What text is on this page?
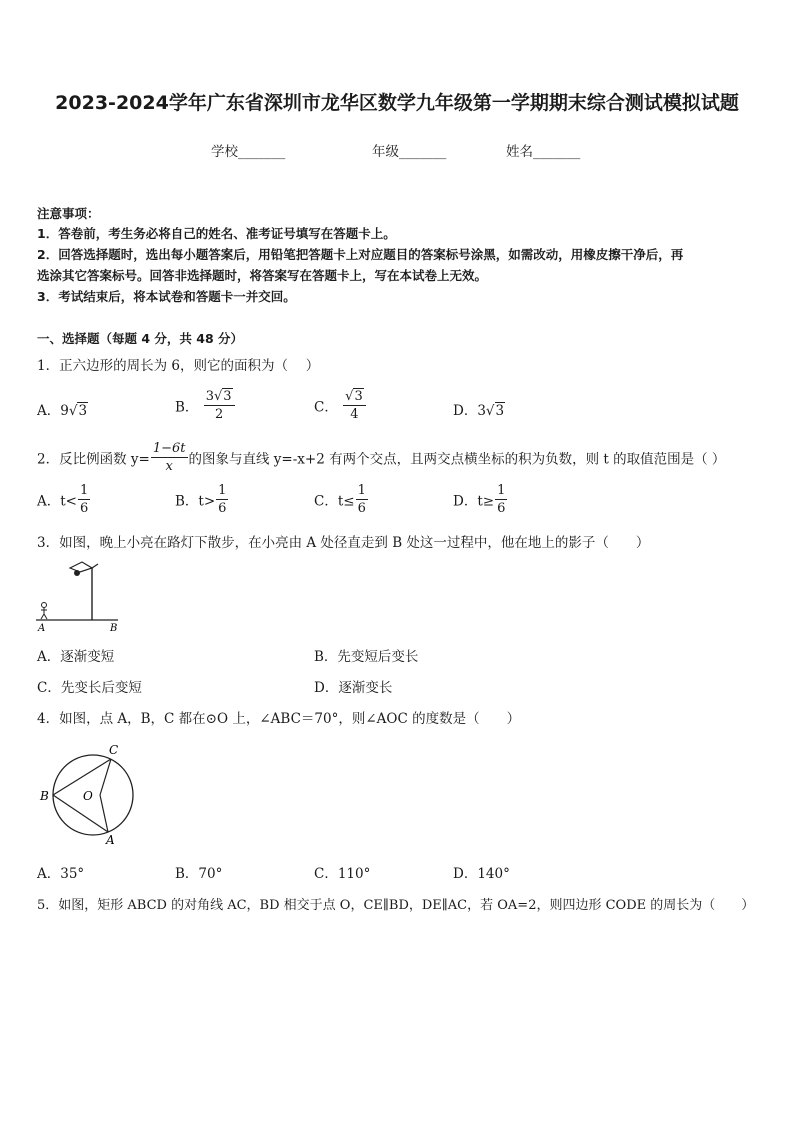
2023-2024学年广东省深圳市龙华区数学九年级第一学期期末综合测试模拟试题
学校_______	年级_______	姓名_______
注意事项：
1．答卷前，考生务必将自己的姓名、准考证号填写在答题卡上。
2．回答选择题时，选出每小题答案后，用铅笔把答题卡上对应题目的答案标号涂黑，如需改动，用橡皮擦干净后，再
选涂其它答案标号。回答非选择题时，将答案写在答题卡上，写在本试卷上无效。
3．考试结束后，将本试卷和答题卡一并交回。
一、选择题（每题 4 分，共 48 分）
1．正六边形的周长为 6，则它的面积为（　 ）
A．9√3	B． $\frac{3√3}{2}$	C． $\frac{√3}{4}$	D．3√3
2．反比例函数 $y= \frac{1-6t}{x}$ 的图象与直线 y=-x+2 有两个交点，且两交点横坐标的积为负数，则 t 的取值范围是（ ）
A．$t< \frac{1}{6}$	B．$t> \frac{1}{6}$	C．$t\le \frac{1}{6}$	D．$t\ge \frac{1}{6}$
3．如图，晚上小亮在路灯下散步，在小亮由 A 处径直走到 B 处这一过程中，他在地上的影子（　　）
A	B
A．逐渐变短	B．先变短后变长
C．先变长后变短	D．逐渐变长
4．如图，点 A，B，C 都在⊙O 上，∠ABC＝70°，则∠AOC 的度数是（　　）
C
B	O
A
A．35°	B．70°	C．110°	D．140°
5．如图，矩形 ABCD 的对角线 AC，BD 相交于点 O，CE∥BD，DE∥AC，若 OA=2，则四边形 CODE 的周长为（　　）
